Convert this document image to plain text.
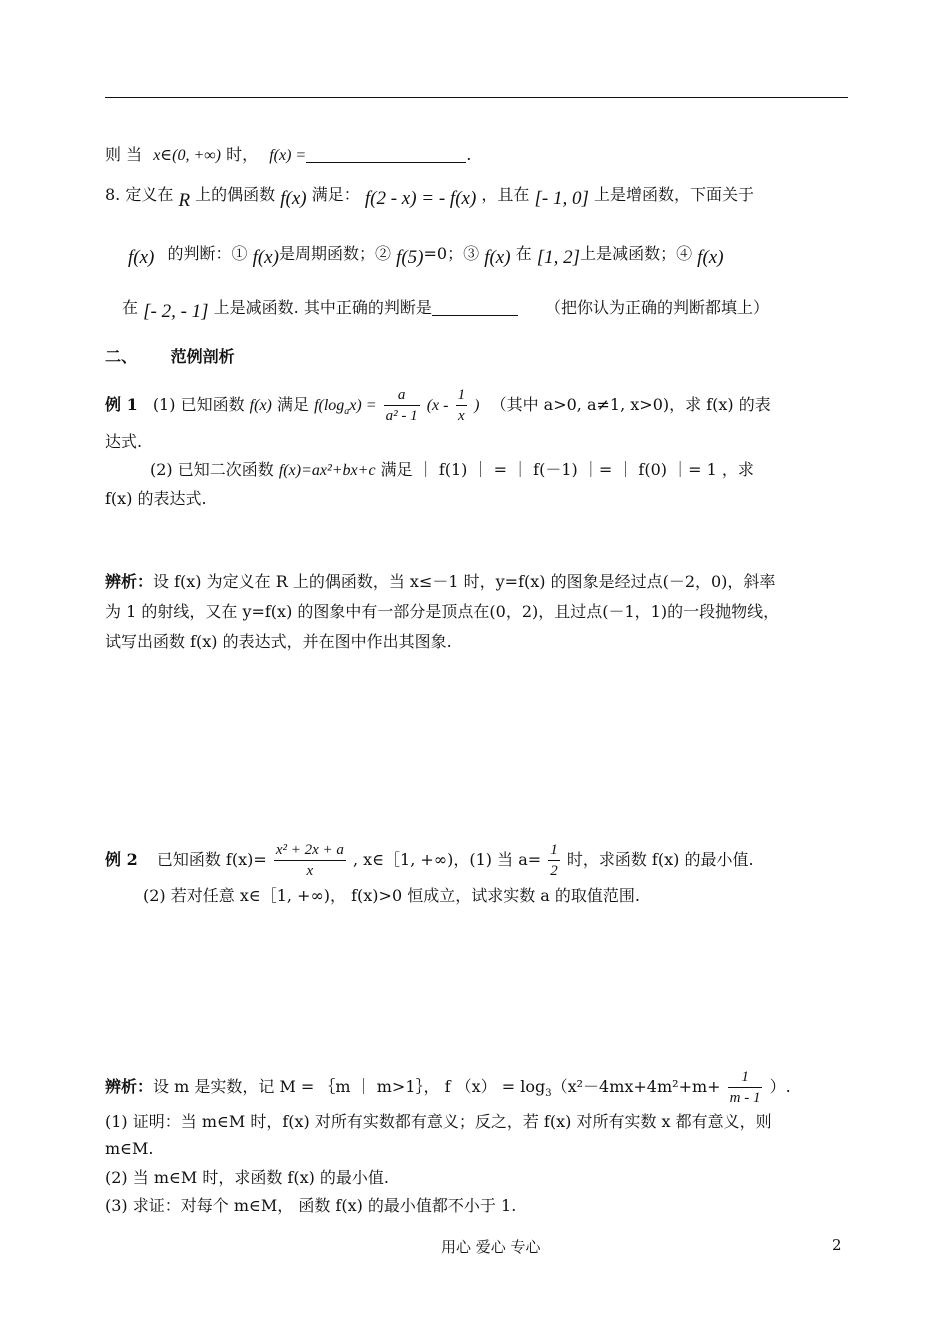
则 当 x∈(0, +∞) 时， f(x) =	.
8. 定义在 R 上的偶函数 f(x) 满足： f(2 - x) = - f(x) ，且在 [- 1, 0] 上是增函数，下面关于
f(x) 的判断：① f(x)是周期函数；② f(5)=0；③ f(x) 在 [1, 2]上是减函数；④ f(x)
在 [- 2, - 1] 上是减函数. 其中正确的判断是	（把你认为正确的判断都填上）
二、 范例剖析
例 1 (1) 已知函数 f(x) 满足 $f(\log_ax) = \frac{a}{\text{a² - 1}} (x - \frac{1}{x}$ ) （其中 a>0, a≠1, x>0)，求 f(x) 的表
达式.
(2) 已知二次函数 f(x)=ax²+bx+c 满足 ｜ f(1) ｜ = ｜ f(－1) ｜= ｜ f(0) ｜= 1 ，求
f(x) 的表达式.
辨析：设 f(x) 为定义在 R 上的偶函数，当 x≤－1 时，y=f(x) 的图象是经过点(－2，0)，斜率
为 1 的射线，又在 y=f(x) 的图象中有一部分是顶点在(0，2)，且过点(－1，1)的一段抛物线，
试写出函数 f(x) 的表达式，并在图中作出其图象.
例 2 已知函数 $f(x)= \frac{\text{x² + 2x + a}}{x}$ , x∈［1, +∞)，(1) 当 $a= \frac{1}{2}$ 时，求函数 f(x) 的最小值.
(2) 若对任意 x∈［1, +∞)， f(x)>0 恒成立，试求实数 a 的取值范围.
辨析：设 m 是实数，记 M = ｛m ｜ m>1｝， f $(x) = \log_3(x^2-4mx+4m^2+m+ \frac{1}{m - 1}$ ）.
(1) 证明：当 m∈M 时，f(x) 对所有实数都有意义；反之，若 f(x) 对所有实数 x 都有意义，则
m∈M.
(2) 当 m∈M 时，求函数 f(x) 的最小值.
(3) 求证：对每个 m∈M， 函数 f(x) 的最小值都不小于 1.
用心 爱心 专心	2
